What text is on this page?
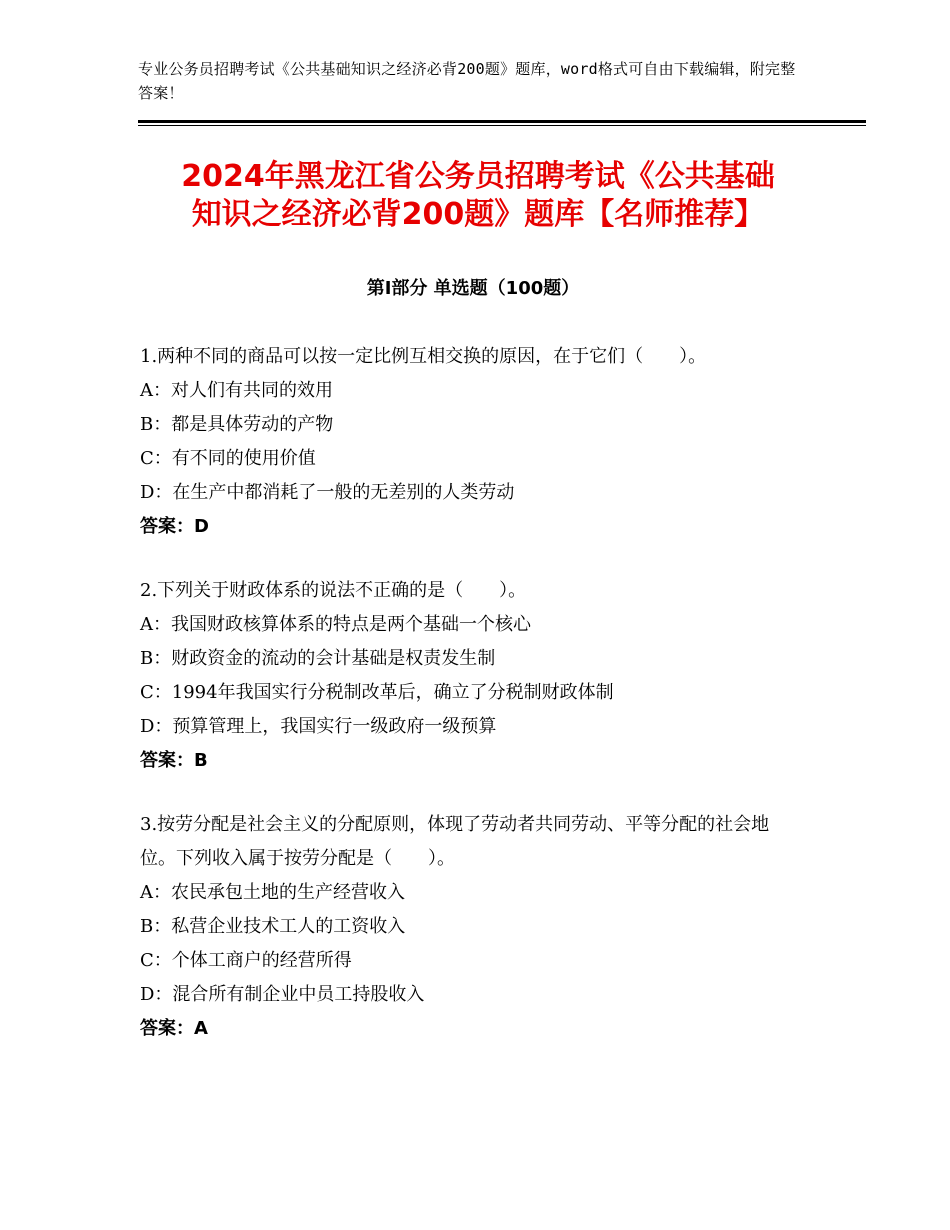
专业公务员招聘考试《公共基础知识之经济必背200题》题库，word格式可自由下载编辑，附完整答案！
2024年黑龙江省公务员招聘考试《公共基础
知识之经济必背200题》题库【名师推荐】
第Ⅰ部分 单选题（100题）
1.两种不同的商品可以按一定比例互相交换的原因，在于它们（　　）。
A：对人们有共同的效用
B：都是具体劳动的产物
C：有不同的使用价值
D：在生产中都消耗了一般的无差别的人类劳动
答案：D
2.下列关于财政体系的说法不正确的是（　　）。
A：我国财政核算体系的特点是两个基础一个核心
B：财政资金的流动的会计基础是权责发生制
C：1994年我国实行分税制改革后，确立了分税制财政体制
D：预算管理上，我国实行一级政府一级预算
答案：B
3.按劳分配是社会主义的分配原则，体现了劳动者共同劳动、平等分配的社会地位。下列收入属于按劳分配是（　　）。
A：农民承包土地的生产经营收入
B：私营企业技术工人的工资收入
C：个体工商户的经营所得
D：混合所有制企业中员工持股收入
答案：A
